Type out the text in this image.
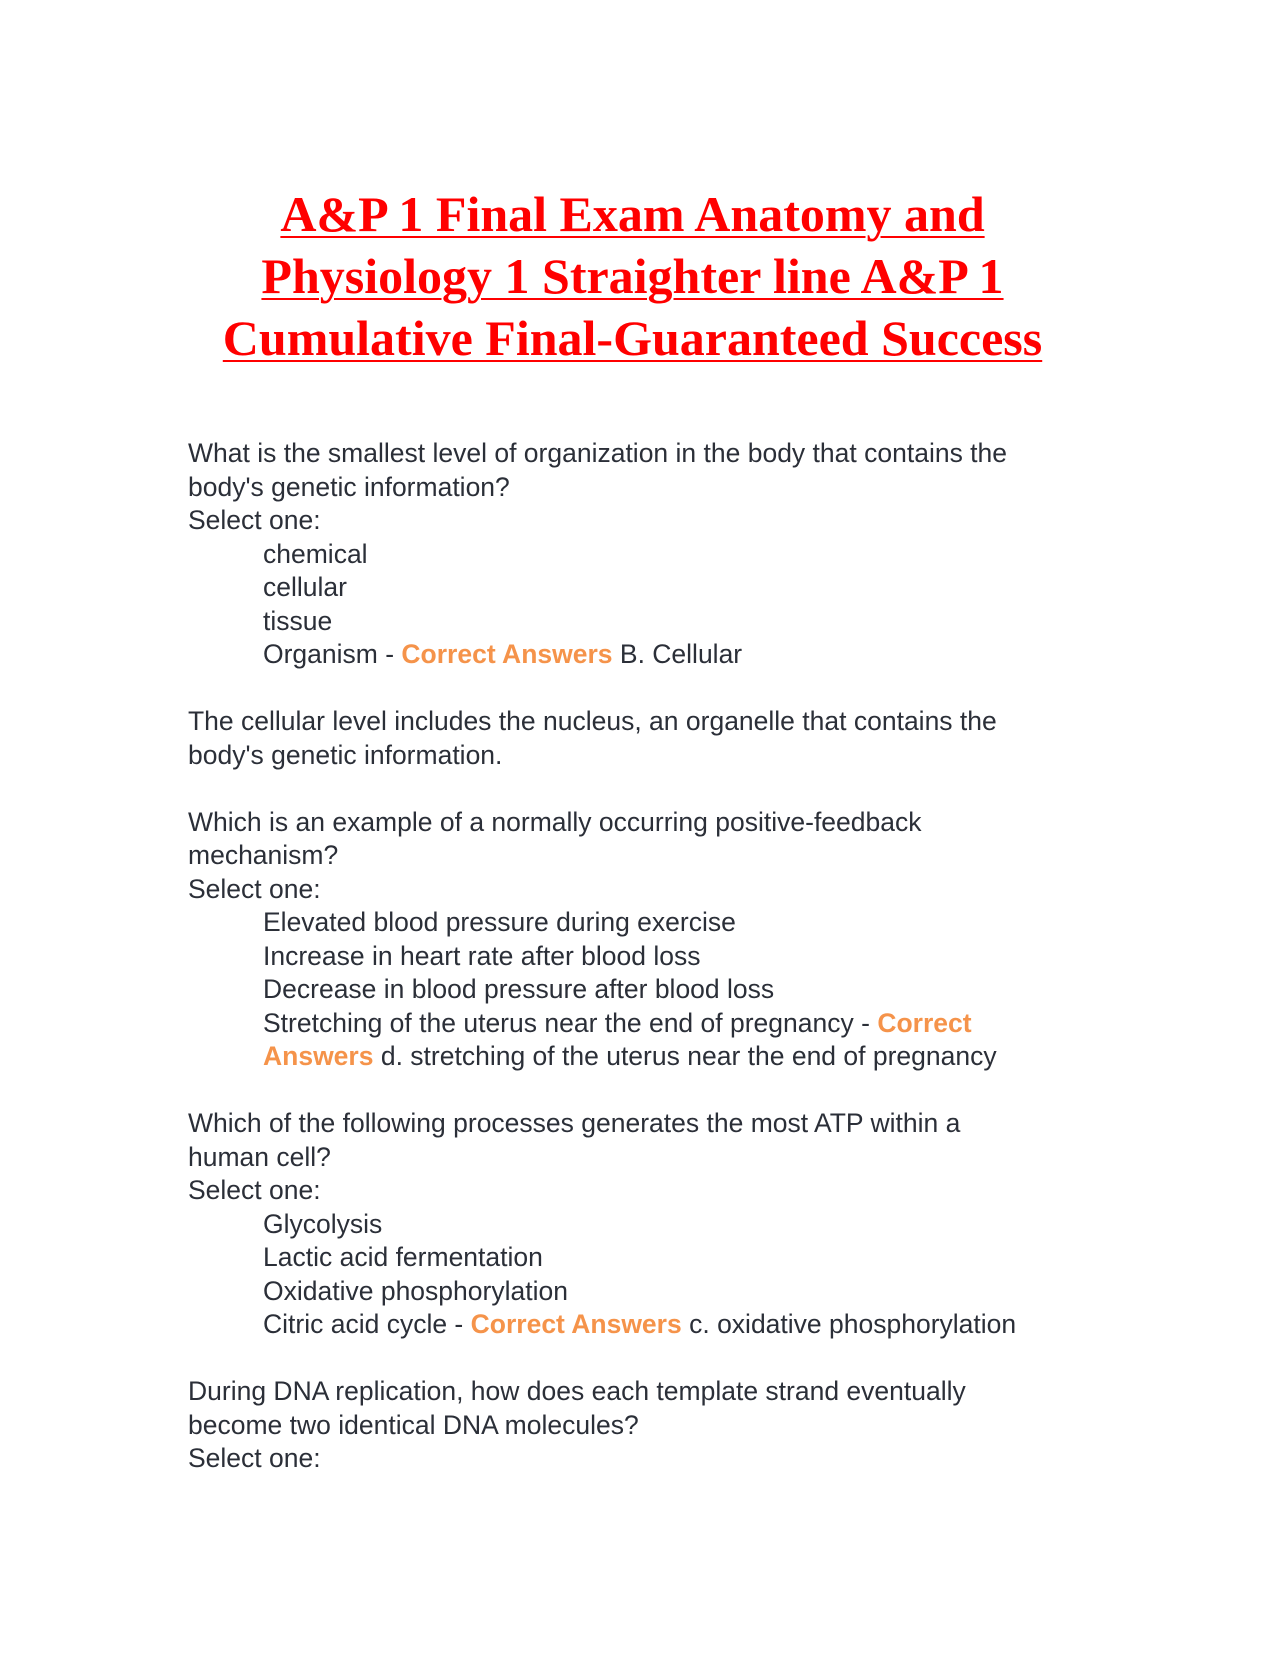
A&P 1 Final Exam Anatomy and
Physiology 1 Straighter line A&P 1
Cumulative Final-Guaranteed Success
What is the smallest level of organization in the body that contains the
body's genetic information?
Select one:
chemical
cellular
tissue
Organism - Correct Answers B. Cellular
The cellular level includes the nucleus, an organelle that contains the
body's genetic information.
Which is an example of a normally occurring positive-feedback
mechanism?
Select one:
Elevated blood pressure during exercise
Increase in heart rate after blood loss
Decrease in blood pressure after blood loss
Stretching of the uterus near the end of pregnancy - Correct
Answers d. stretching of the uterus near the end of pregnancy
Which of the following processes generates the most ATP within a
human cell?
Select one:
Glycolysis
Lactic acid fermentation
Oxidative phosphorylation
Citric acid cycle - Correct Answers c. oxidative phosphorylation
During DNA replication, how does each template strand eventually
become two identical DNA molecules?
Select one:
